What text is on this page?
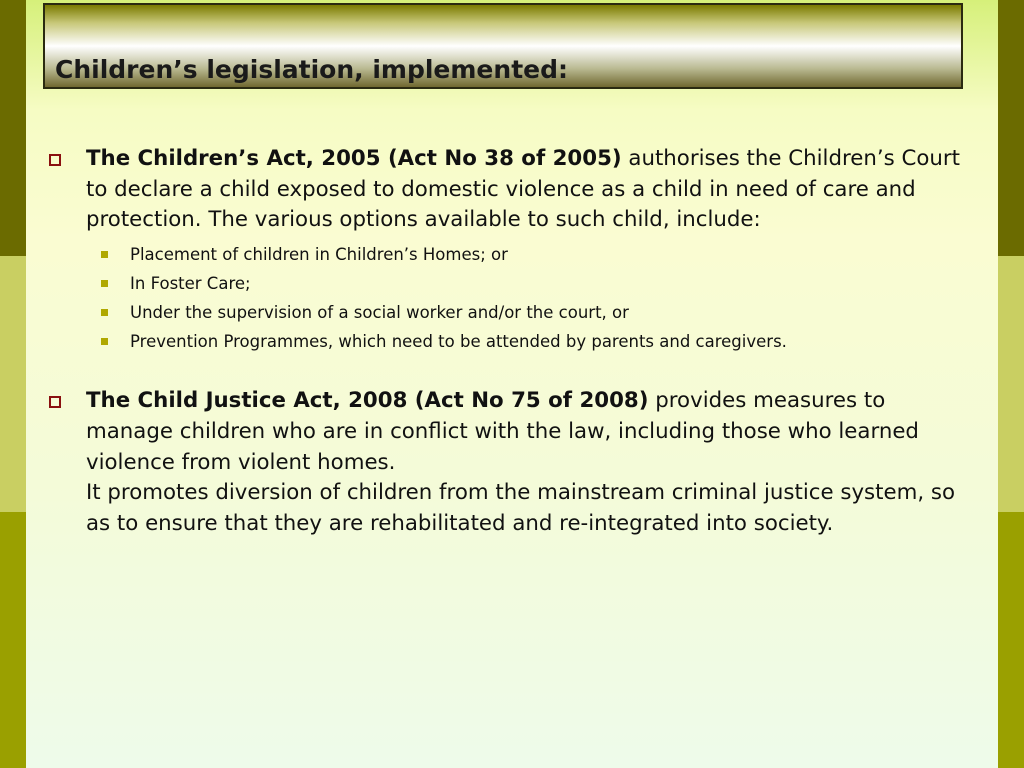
Children’s legislation, implemented:
The Children’s Act, 2005 (Act No 38 of 2005) authorises the Children’s Court to declare a child exposed to domestic violence as a child in need of care and protection. The various options available to such child, include:
Placement of children in Children’s Homes; or
In Foster Care;
Under the supervision of a social worker and/or the court, or
Prevention Programmes, which need to be attended by parents and caregivers.
The Child Justice Act, 2008 (Act No 75 of 2008) provides measures to manage children who are in conflict with the law, including those who learned violence from violent homes.
It promotes diversion of children from the mainstream criminal justice system, so as to ensure that they are rehabilitated and re-integrated into society.
